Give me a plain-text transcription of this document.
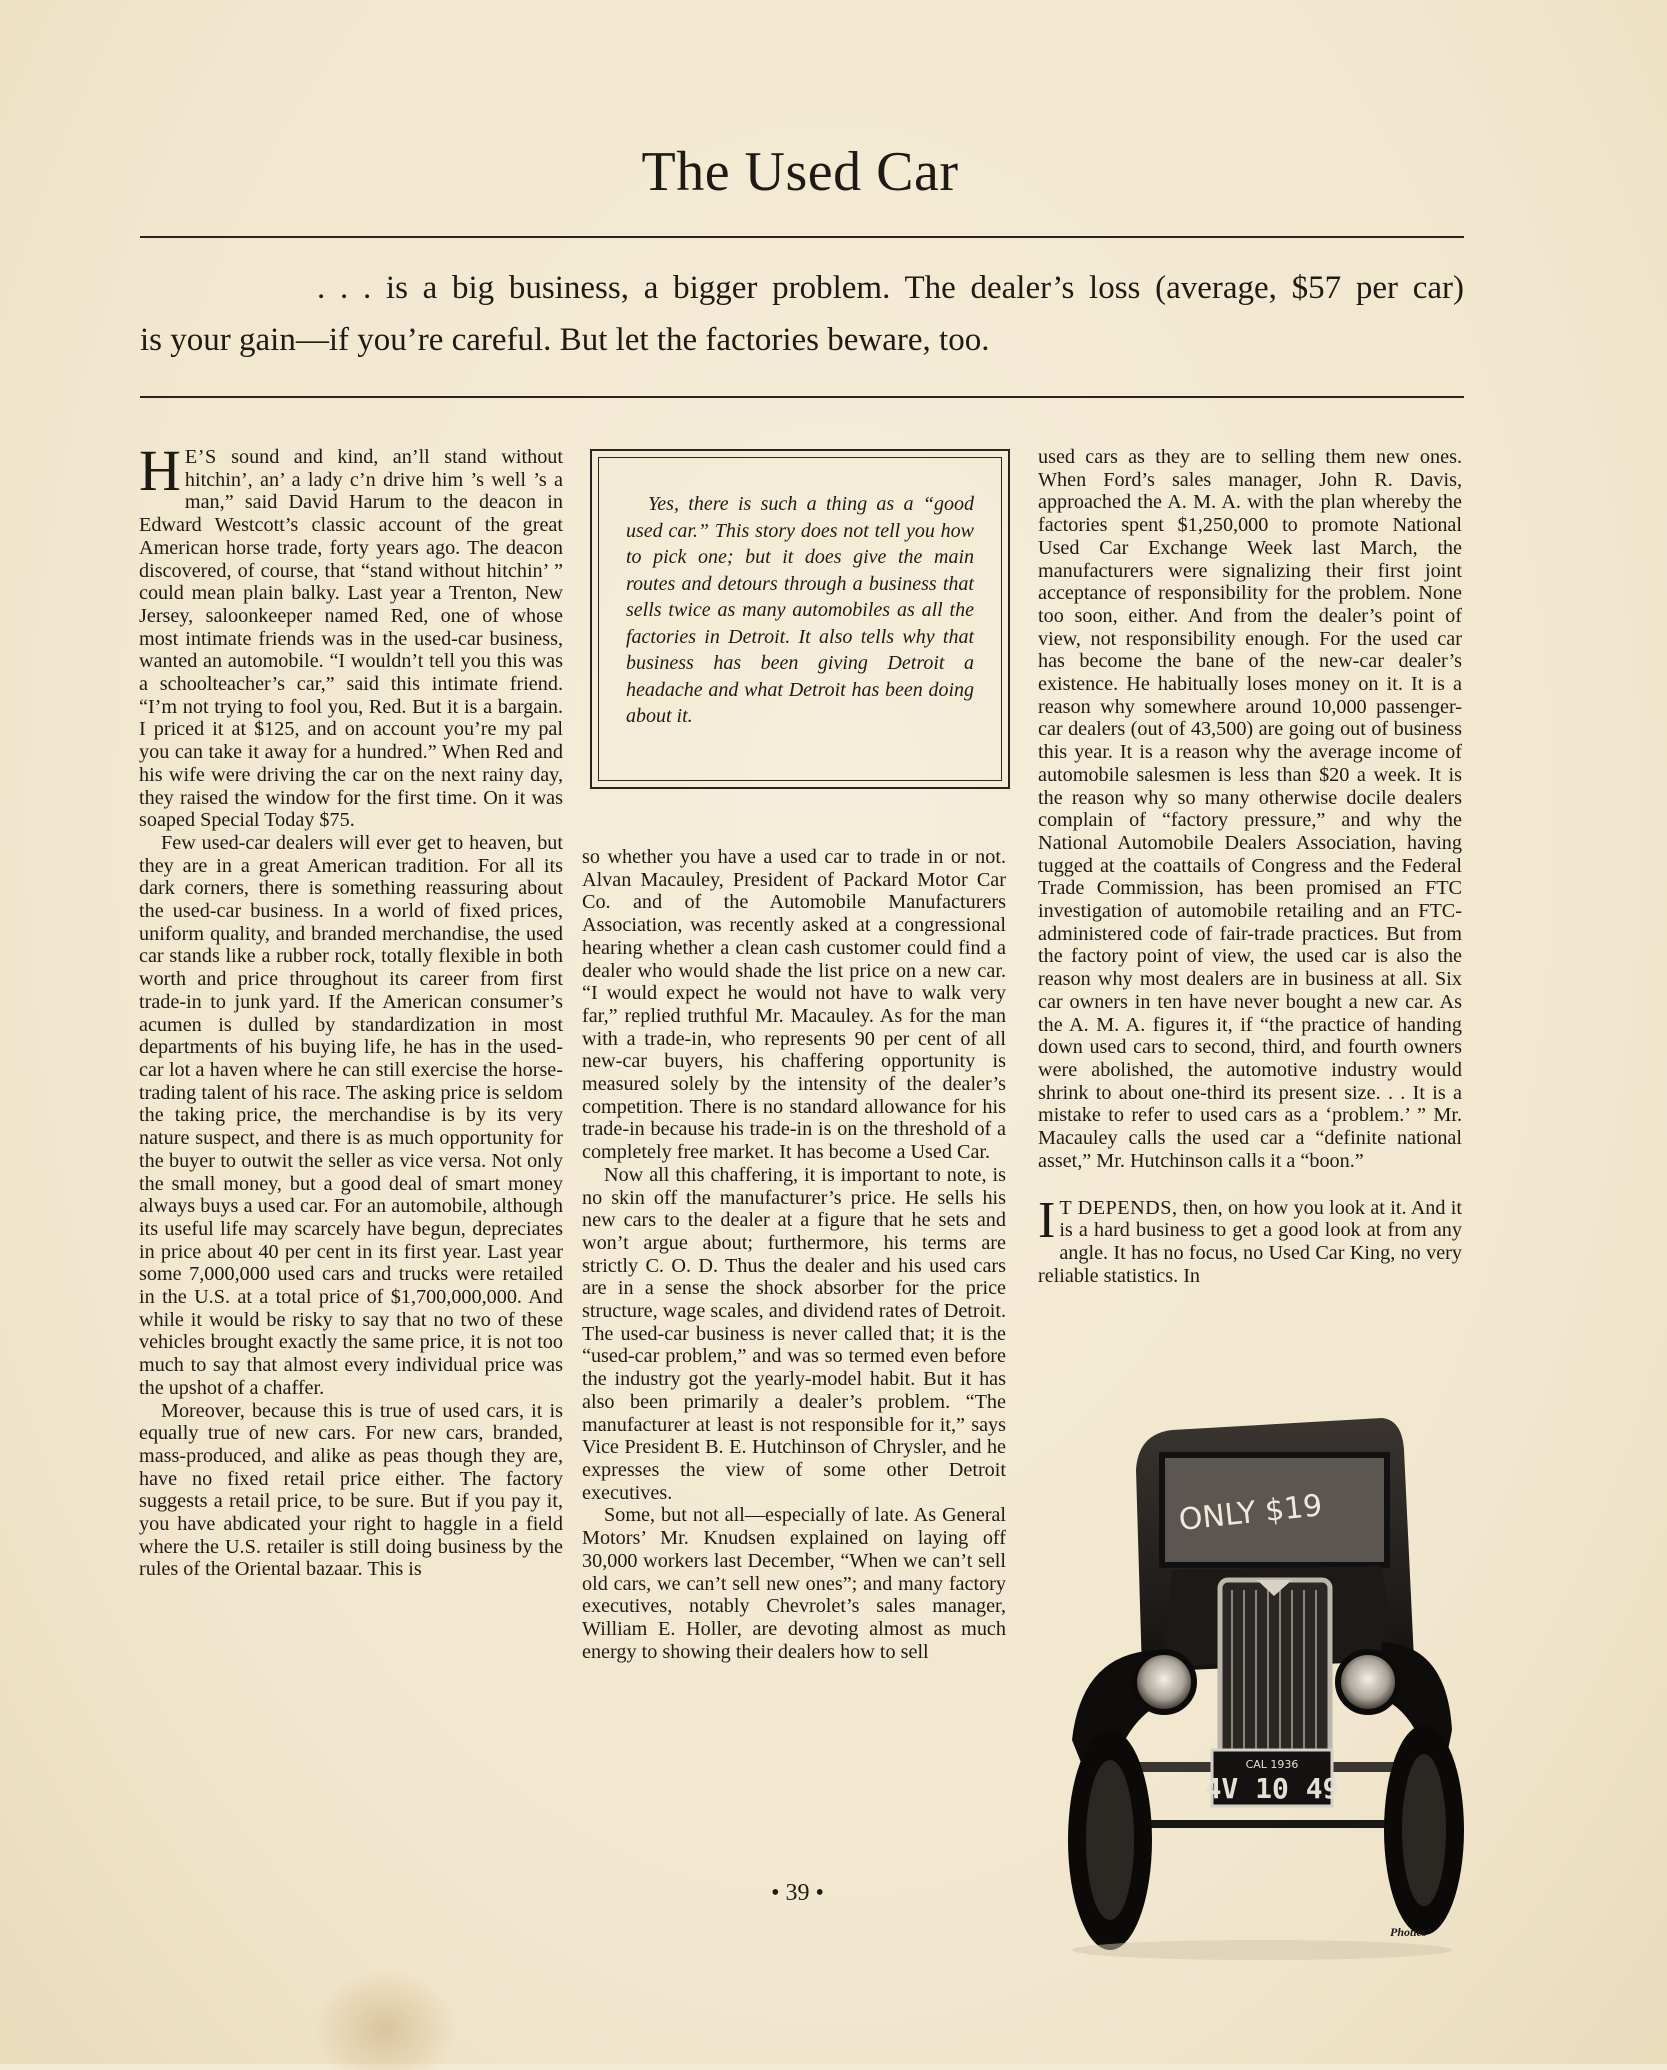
The Used Car
. . . is a big business, a bigger problem. The dealer’s loss (average, $57 per car)
is your gain—if you’re careful. But let the factories beware, too.

H E’S sound and kind, an’ll stand without hitchin’, an’ a lady c’n drive him ’s well ’s a man,” said David Harum to the deacon in Edward Westcott’s classic account of the great American horse trade, forty years ago. The deacon discovered, of course, that “stand without hitchin’ ” could mean plain balky. Last year a Trenton, New Jersey, saloonkeeper named Red, one of whose most intimate friends was in the used-car business, wanted an automobile. “I wouldn’t tell you this was a schoolteacher’s car,” said this intimate friend. “I’m not trying to fool you, Red. But it is a bargain. I priced it at $125, and on account you’re my pal you can take it away for a hundred.” When Red and his wife were driving the car on the next rainy day, they raised the window for the first time. On it was soaped Special Today $75.

Few used-car dealers will ever get to heaven, but they are in a great American tradition. For all its dark corners, there is something reassuring about the used-car business. In a world of fixed prices, uniform quality, and branded merchandise, the used car stands like a rubber rock, totally flexible in both worth and price throughout its career from first trade-in to junk yard. If the American consumer’s acumen is dulled by standardization in most departments of his buying life, he has in the used-car lot a haven where he can still exercise the horse-trading talent of his race. The asking price is seldom the taking price, the merchandise is by its very nature suspect, and there is as much opportunity for the buyer to outwit the seller as vice versa. Not only the small money, but a good deal of smart money always buys a used car. For an automobile, although its useful life may scarcely have begun, depreciates in price about 40 per cent in its first year. Last year some 7,000,000 used cars and trucks were retailed in the U.S. at a total price of $1,700,000,000. And while it would be risky to say that no two of these vehicles brought exactly the same price, it is not too much to say that almost every individual price was the upshot of a chaffer.

Moreover, because this is true of used cars, it is equally true of new cars. For new cars, branded, mass-produced, and alike as peas though they are, have no fixed retail price either. The factory suggests a retail price, to be sure. But if you pay it, you have abdicated your right to haggle in a field where the U.S. retailer is still doing business by the rules of the Oriental bazaar. This is

Yes, there is such a thing as a “good used car.” This story does not tell you how to pick one; but it does give the main routes and detours through a business that sells twice as many automobiles as all the factories in Detroit. It also tells why that business has been giving Detroit a headache and what Detroit has been doing about it.

so whether you have a used car to trade in or not. Alvan Macauley, President of Packard Motor Car Co. and of the Automobile Manufacturers Association, was recently asked at a congressional hearing whether a clean cash customer could find a dealer who would shade the list price on a new car. “I would expect he would not have to walk very far,” replied truthful Mr. Macauley. As for the man with a trade-in, who represents 90 per cent of all new-car buyers, his chaffering opportunity is measured solely by the intensity of the dealer’s competition. There is no standard allowance for his trade-in because his trade-in is on the threshold of a completely free market. It has become a Used Car.

Now all this chaffering, it is important to note, is no skin off the manufacturer’s price. He sells his new cars to the dealer at a figure that he sets and won’t argue about; furthermore, his terms are strictly C. O. D. Thus the dealer and his used cars are in a sense the shock absorber for the price structure, wage scales, and dividend rates of Detroit. The used-car business is never called that; it is the “used-car problem,” and was so termed even before the industry got the yearly-model habit. But it has also been primarily a dealer’s problem. “The manufacturer at least is not responsible for it,” says Vice President B. E. Hutchinson of Chrysler, and he expresses the view of some other Detroit executives.

Some, but not all—especially of late. As General Motors’ Mr. Knudsen explained on laying off 30,000 workers last December, “When we can’t sell old cars, we can’t sell new ones”; and many factory executives, notably Chevrolet’s sales manager, William E. Holler, are devoting almost as much energy to showing their dealers how to sell

used cars as they are to selling them new ones. When Ford’s sales manager, John R. Davis, approached the A. M. A. with the plan whereby the factories spent $1,250,000 to promote National Used Car Exchange Week last March, the manufacturers were signalizing their first joint acceptance of responsibility for the problem. None too soon, either. And from the dealer’s point of view, not responsibility enough. For the used car has become the bane of the new-car dealer’s existence. He habitually loses money on it. It is a reason why somewhere around 10,000 passenger-car dealers (out of 43,500) are going out of business this year. It is a reason why the average income of automobile salesmen is less than $20 a week. It is the reason why so many otherwise docile dealers complain of “factory pressure,” and why the National Automobile Dealers Association, having tugged at the coattails of Congress and the Federal Trade Commission, has been promised an FTC investigation of automobile retailing and an FTC-administered code of fair-trade practices. But from the factory point of view, the used car is also the reason why most dealers are in business at all. Six car owners in ten have never bought a new car. As the A. M. A. figures it, if “the practice of handing down used cars to second, third, and fourth owners were abolished, the automotive industry would shrink to about one-third its present size. . . It is a mistake to refer to used cars as a ‘problem.’ ” Mr. Macauley calls the used car a “definite national asset,” Mr. Hutchinson calls it a “boon.”

I T DEPENDS, then, on how you look at it. And it is a hard business to get a good look at from any angle. It has no focus, no Used Car King, no very reliable statistics. In

ONLY $19
CAL 1936
4V 10 49
Photics
• 39 •
